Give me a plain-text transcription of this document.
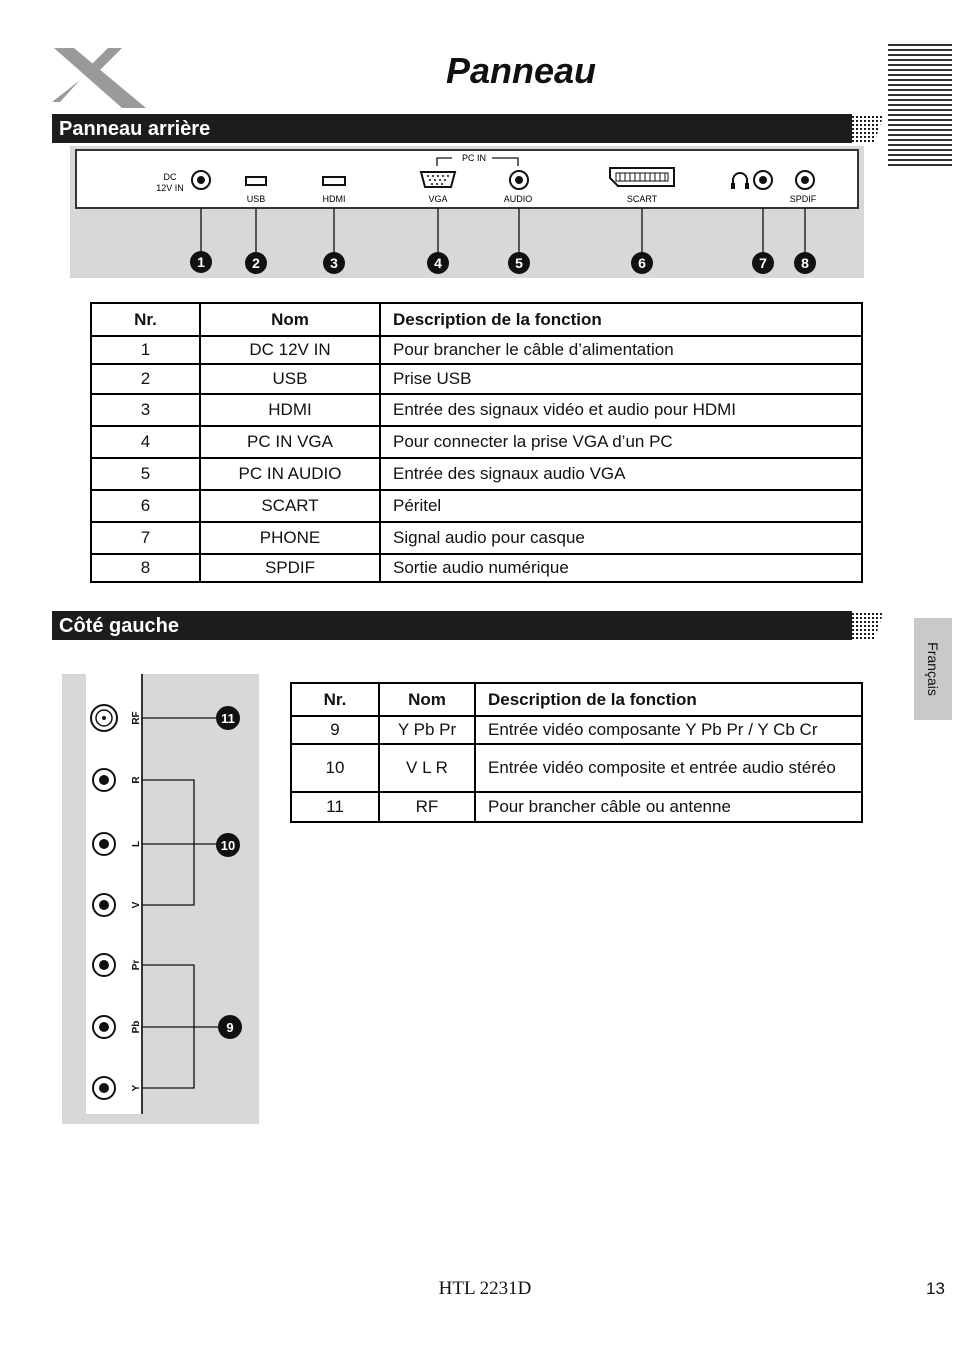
Panneau
Panneau arrière
DC
12V IN
USB	HDMI
PC IN
VGA	AUDIO	SCART	SPDIF
1	2	3	4	5	6	7 8
Nr.	Nom	Description de la fonction
1	DC 12V IN	Pour brancher le câble d’alimentation
2	USB	Prise USB
3	HDMI	Entrée des signaux vidéo et audio pour HDMI
4	PC IN VGA	Pour connecter la prise VGA d’un PC
5	PC IN AUDIO	Entrée des signaux audio VGA
6	SCART	Péritel
7	PHONE	Signal audio pour casque
8	SPDIF	Sortie audio numérique
Côté gauche
Français
RF
R
L
V
Pr
Pb
Y
11
10
9
Nr.	Nom	Description de la fonction
9	Y Pb Pr	Entrée vidéo composante Y Pb Pr / Y Cb Cr
10	V L R	Entrée vidéo composite et entrée audio stéréo
11	RF	Pour brancher câble ou antenne
HTL 2231D	13
